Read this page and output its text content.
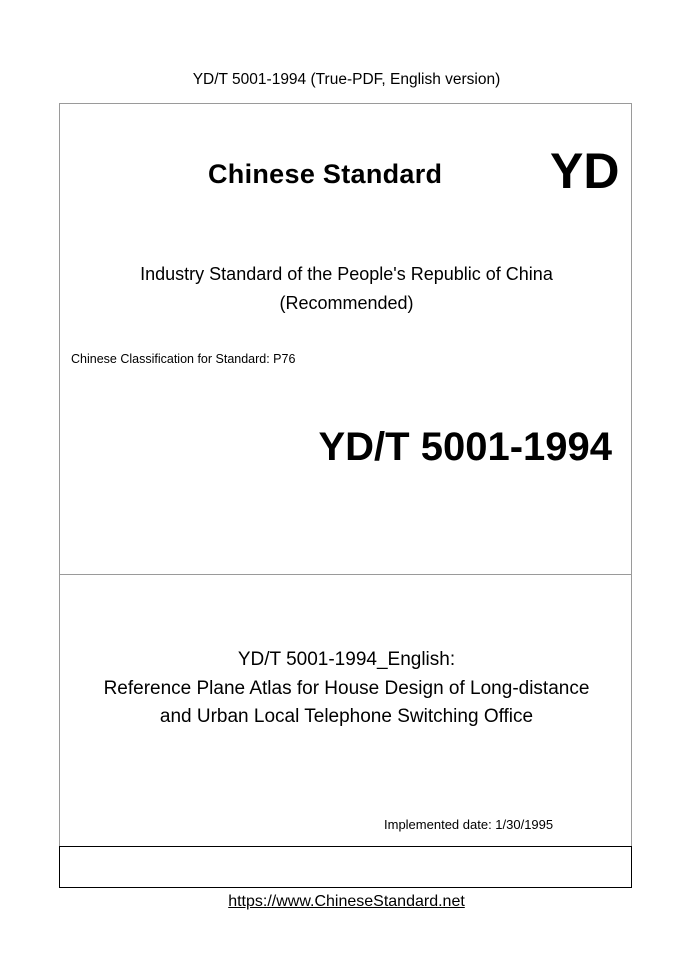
YD/T 5001-1994 (True-PDF, English version)
Chinese Standard YD
Industry Standard of the People's Republic of China
(Recommended)
Chinese Classification for Standard: P76
YD/T 5001-1994
YD/T 5001-1994_English:
Reference Plane Atlas for House Design of Long-distance
and Urban Local Telephone Switching Office
Implemented date: 1/30/1995
https://www.ChineseStandard.net
